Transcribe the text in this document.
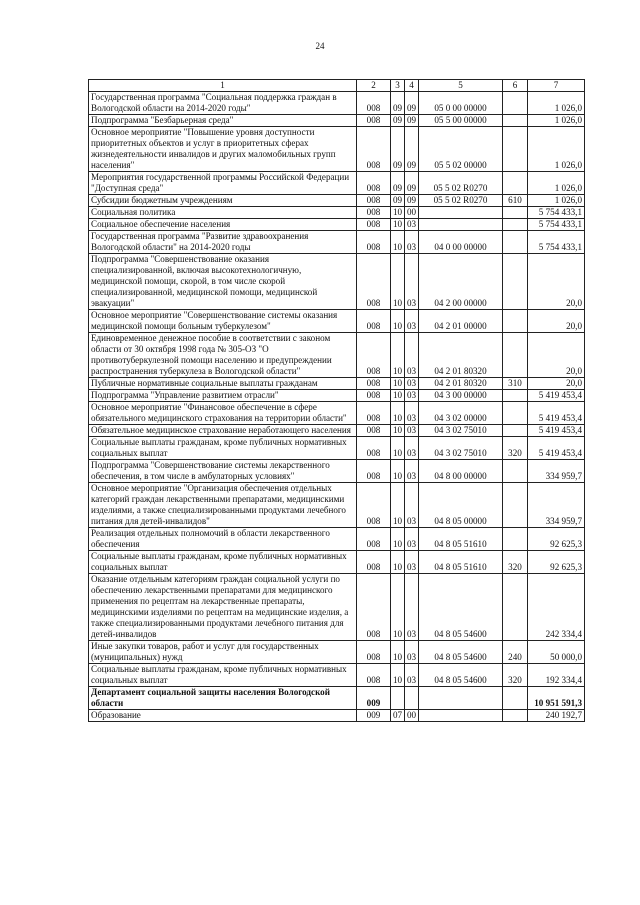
24
1	2	3	4	5	6	7
Государственная программа "Социальная поддержка граждан в Вологодской области на 2014-2020 годы"	008	09	09	05 0 00 00000		1 026,0
Подпрограмма "Безбарьерная среда"	008	09	09	05 5 00 00000		1 026,0
Основное мероприятие "Повышение уровня доступности приоритетных объектов и услуг в приоритетных сферах жизнедеятельности инвалидов и других маломобильных групп населения"	008	09	09	05 5 02 00000		1 026,0
Мероприятия государственной программы Российской Федерации "Доступная среда"	008	09	09	05 5 02 R0270		1 026,0
Субсидии бюджетным учреждениям	008	09	09	05 5 02 R0270	610	1 026,0
Социальная политика	008	10	00			5 754 433,1
Социальное обеспечение населения	008	10	03			5 754 433,1
Государственная программа "Развитие здравоохранения Вологодской области" на 2014-2020 годы	008	10	03	04 0 00 00000		5 754 433,1
Подпрограмма "Совершенствование оказания специализированной, включая высокотехнологичную, медицинской помощи, скорой, в том числе скорой специализированной, медицинской помощи, медицинской эвакуации"	008	10	03	04 2 00 00000		20,0
Основное мероприятие "Совершенствование системы оказания медицинской помощи больным туберкулезом"	008	10	03	04 2 01 00000		20,0
Единовременное денежное пособие в соответствии с законом области от 30 октября 1998 года № 305-ОЗ "О противотуберкулезной помощи населению и предупреждении распространения туберкулеза в Вологодской области"	008	10	03	04 2 01 80320		20,0
Публичные нормативные социальные выплаты гражданам	008	10	03	04 2 01 80320	310	20,0
Подпрограмма "Управление развитием отрасли"	008	10	03	04 3 00 00000		5 419 453,4
Основное мероприятие "Финансовое обеспечение в сфере обязательного медицинского страхования на территории области"	008	10	03	04 3 02 00000		5 419 453,4
Обязательное медицинское страхование неработающего населения	008	10	03	04 3 02 75010		5 419 453,4
Социальные выплаты гражданам, кроме публичных нормативных социальных выплат	008	10	03	04 3 02 75010	320	5 419 453,4
Подпрограмма "Совершенствование системы лекарственного обеспечения, в том числе в амбулаторных условиях"	008	10	03	04 8 00 00000		334 959,7
Основное мероприятие "Организация обеспечения отдельных категорий граждан лекарственными препаратами, медицинскими изделиями, а также специализированными продуктами лечебного питания для детей-инвалидов"	008	10	03	04 8 05 00000		334 959,7
Реализация отдельных полномочий в области лекарственного обеспечения	008	10	03	04 8 05 51610		92 625,3
Социальные выплаты гражданам, кроме публичных нормативных социальных выплат	008	10	03	04 8 05 51610	320	92 625,3
Оказание отдельным категориям граждан социальной услуги по обеспечению лекарственными препаратами для медицинского применения по рецептам на лекарственные препараты, медицинскими изделиями по рецептам на медицинские изделия, а также специализированными продуктами лечебного питания для детей-инвалидов	008	10	03	04 8 05 54600		242 334,4
Иные закупки товаров, работ и услуг для государственных (муниципальных) нужд	008	10	03	04 8 05 54600	240	50 000,0
Социальные выплаты гражданам, кроме публичных нормативных социальных выплат	008	10	03	04 8 05 54600	320	192 334,4
Департамент социальной защиты населения Вологодской области	009					10 951 591,3
Образование	009	07	00			240 192,7
